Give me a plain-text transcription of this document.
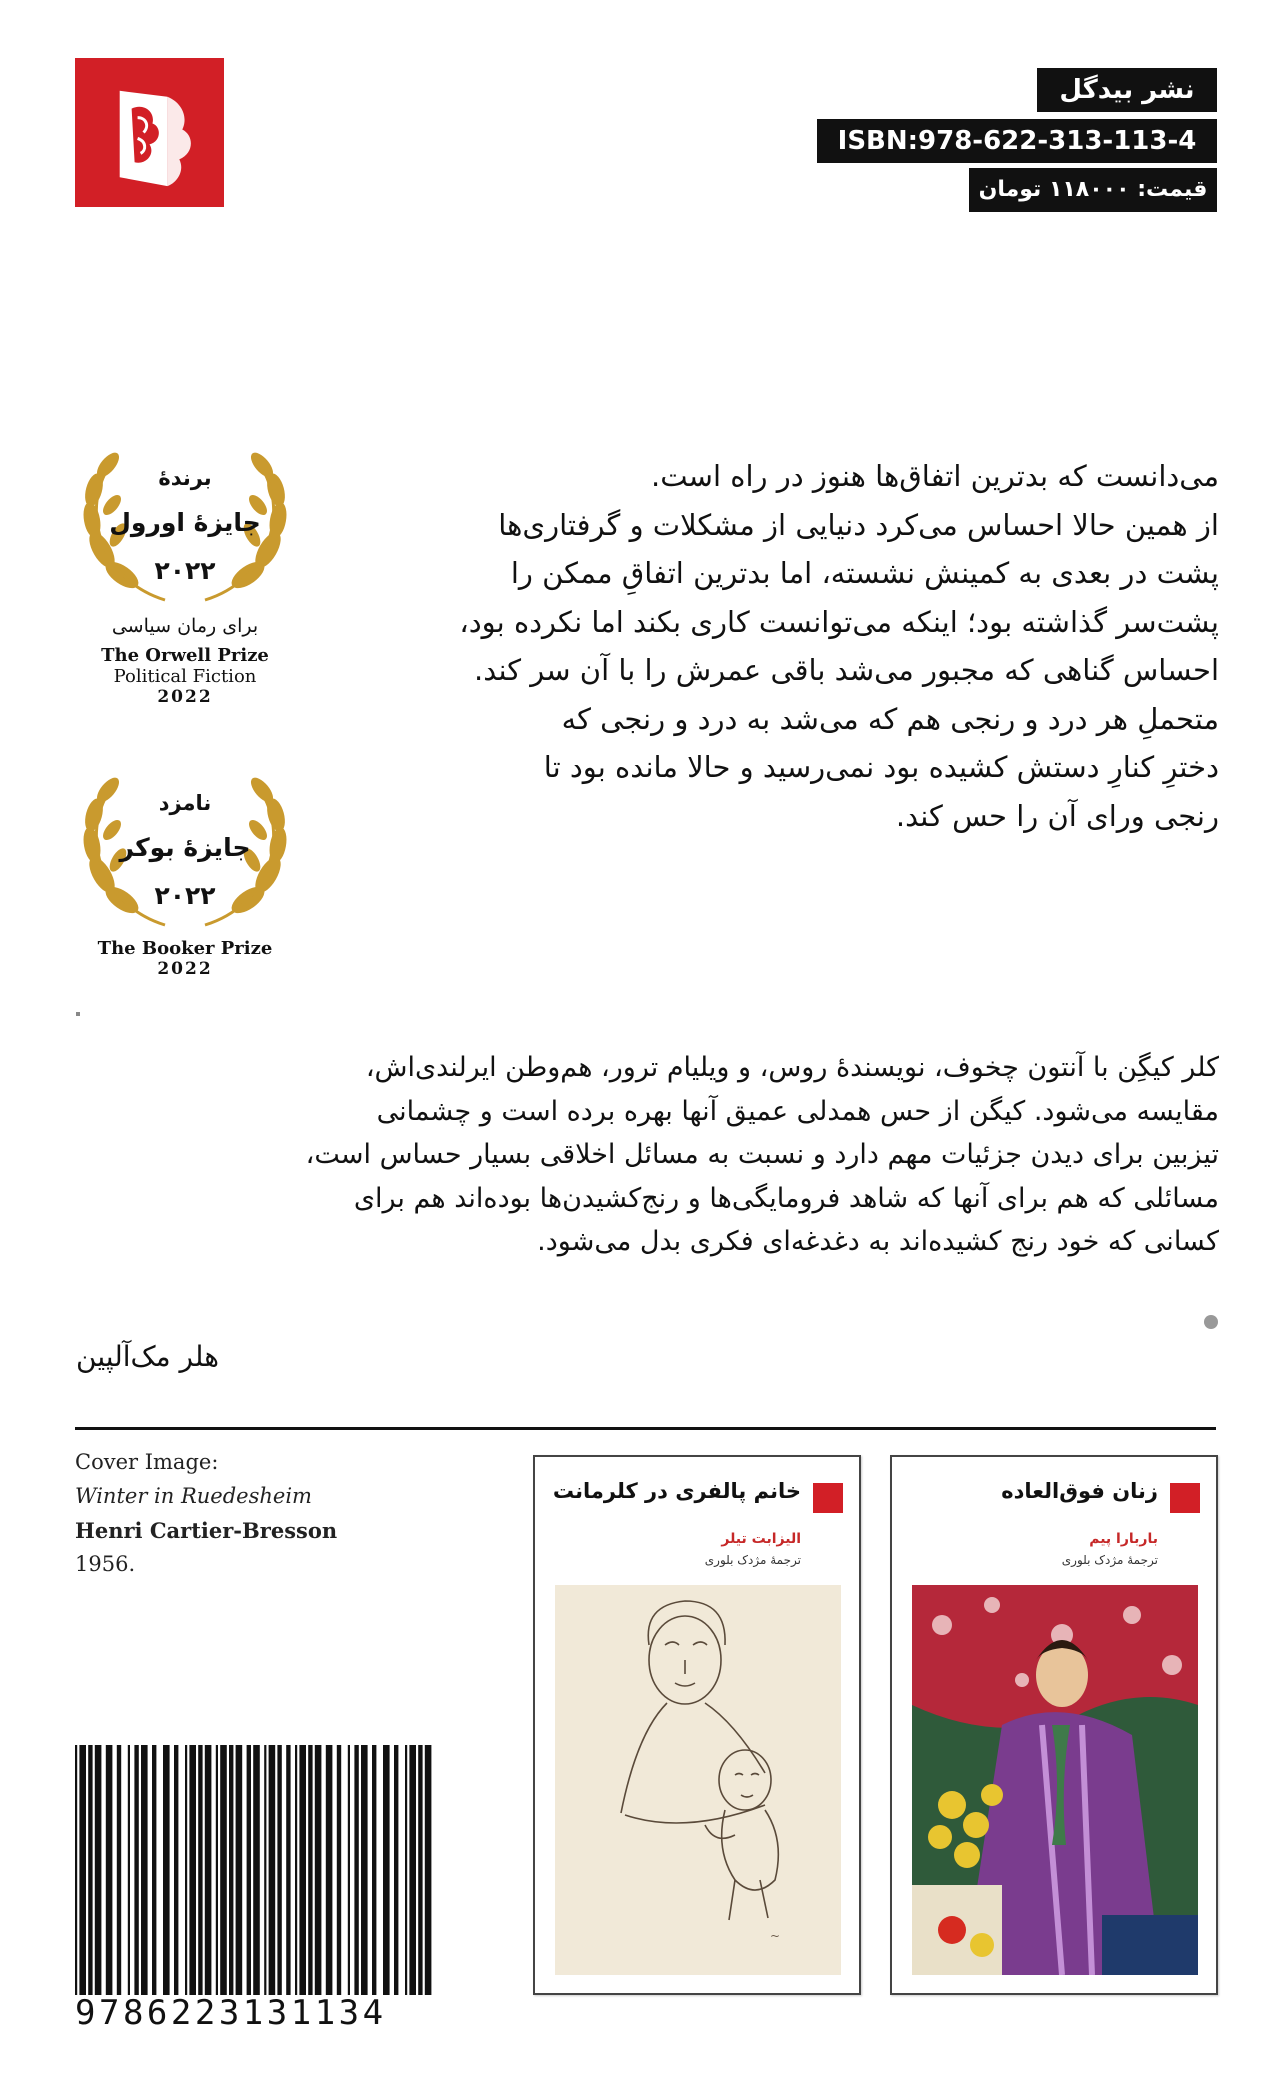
نشر بیدگل
ISBN:978-622-313-113-4
قیمت: ۱۱۸۰۰۰ تومان
برندهٔ
جایزهٔ اورول
۲۰۲۲
برای رمان سیاسی
The Orwell Prize
Political Fiction
2022
نامزد
جایزهٔ بوکر
۲۰۲۲
The Booker Prize
2022
می‌دانست که بدترین اتفاق‌ها هنوز در راه است.
از همین حالا احساس می‌کرد دنیایی از مشکلات و گرفتاری‌ها
پشت در بعدی به کمینش نشسته، اما بدترین اتفاقِ ممکن را
پشت‌سر گذاشته بود؛ اینکه می‌توانست کاری بکند اما نکرده بود،
احساس گناهی که مجبور می‌شد باقی عمرش را با آن سر کند.
متحملِ هر درد و رنجی هم که می‌شد به درد و رنجی که
دخترِ کنارِ دستش کشیده بود نمی‌رسید و حالا مانده بود تا
رنجی ورای آن را حس کند.
کلر کیگِن با آنتون چخوف، نویسندهٔ روس، و ویلیام ترور، هم‌وطن ایرلندی‌اش،
مقایسه می‌شود. کیگن از حس همدلی عمیق آنها بهره برده است و چشمانی
تیزبین برای دیدن جزئیات مهم دارد و نسبت به مسائل اخلاقی بسیار حساس است،
مسائلی که هم برای آنها که شاهد فرومایگی‌ها و رنج‌کشیدن‌ها بوده‌اند هم برای
کسانی که خود رنج کشیده‌اند به دغدغه‌ای فکری بدل می‌شود.
هلر مک‌آلپین
Cover Image:
Winter in Ruedesheim
Henri Cartier-Bresson
1956.
9786223131134
خانم پالفری در کلرمانت
الیزابت تیلر
ترجمهٔ مژدک بلوری
~
زنان فوق‌العاده
باربارا پیم
ترجمهٔ مژدک بلوری
